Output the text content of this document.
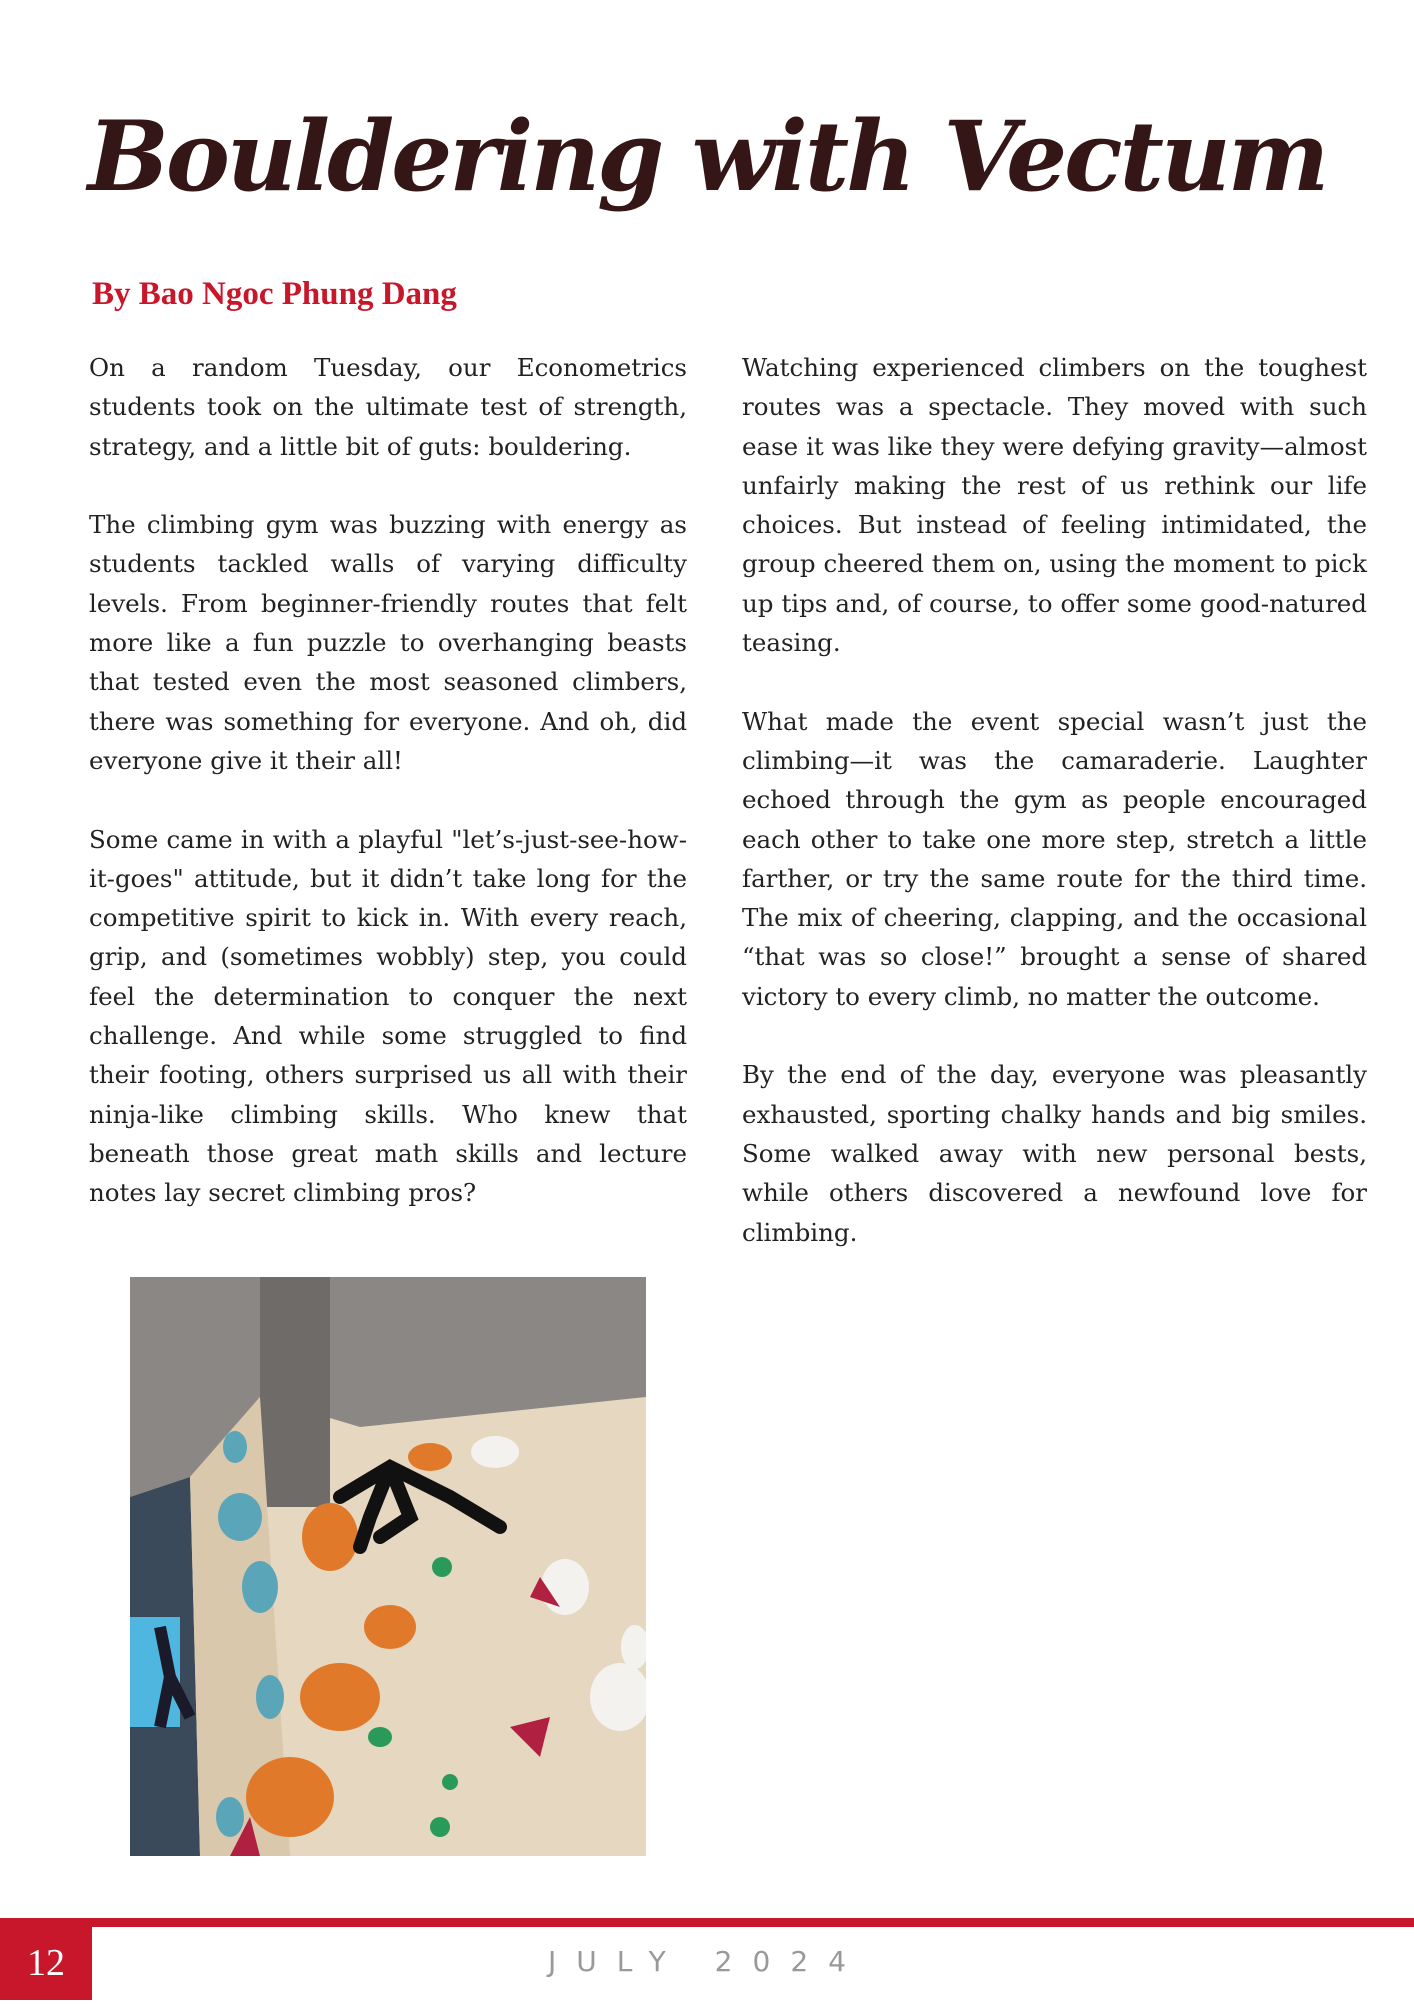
Bouldering with Vectum
By Bao Ngoc Phung Dang

On a random Tuesday, our Econometrics students took on the ultimate test of strength, strategy, and a little bit of guts: bouldering.

The climbing gym was buzzing with energy as students tackled walls of varying difficulty levels. From beginner-friendly routes that felt more like a fun puzzle to overhanging beasts that tested even the most seasoned climbers, there was something for everyone. And oh, did everyone give it their all!

Some came in with a playful "let’s-just-see-how-it-goes" attitude, but it didn’t take long for the competitive spirit to kick in. With every reach, grip, and (sometimes wobbly) step, you could feel the determination to conquer the next challenge. And while some struggled to find their footing, others surprised us all with their ninja-like climbing skills. Who knew that beneath those great math skills and lecture notes lay secret climbing pros?

Watching experienced climbers on the toughest routes was a spectacle. They moved with such ease it was like they were defying gravity—almost unfairly making the rest of us rethink our life choices. But instead of feeling intimidated, the group cheered them on, using the moment to pick up tips and, of course, to offer some good-natured teasing.

What made the event special wasn’t just the climbing—it was the camaraderie. Laughter echoed through the gym as people encouraged each other to take one more step, stretch a little farther, or try the same route for the third time. The mix of cheering, clapping, and the occasional “that was so close!” brought a sense of shared victory to every climb, no matter the outcome.

By the end of the day, everyone was pleasantly exhausted, sporting chalky hands and big smiles. Some walked away with new personal bests, while others discovered a newfound love for climbing.

12	JULY 2024
